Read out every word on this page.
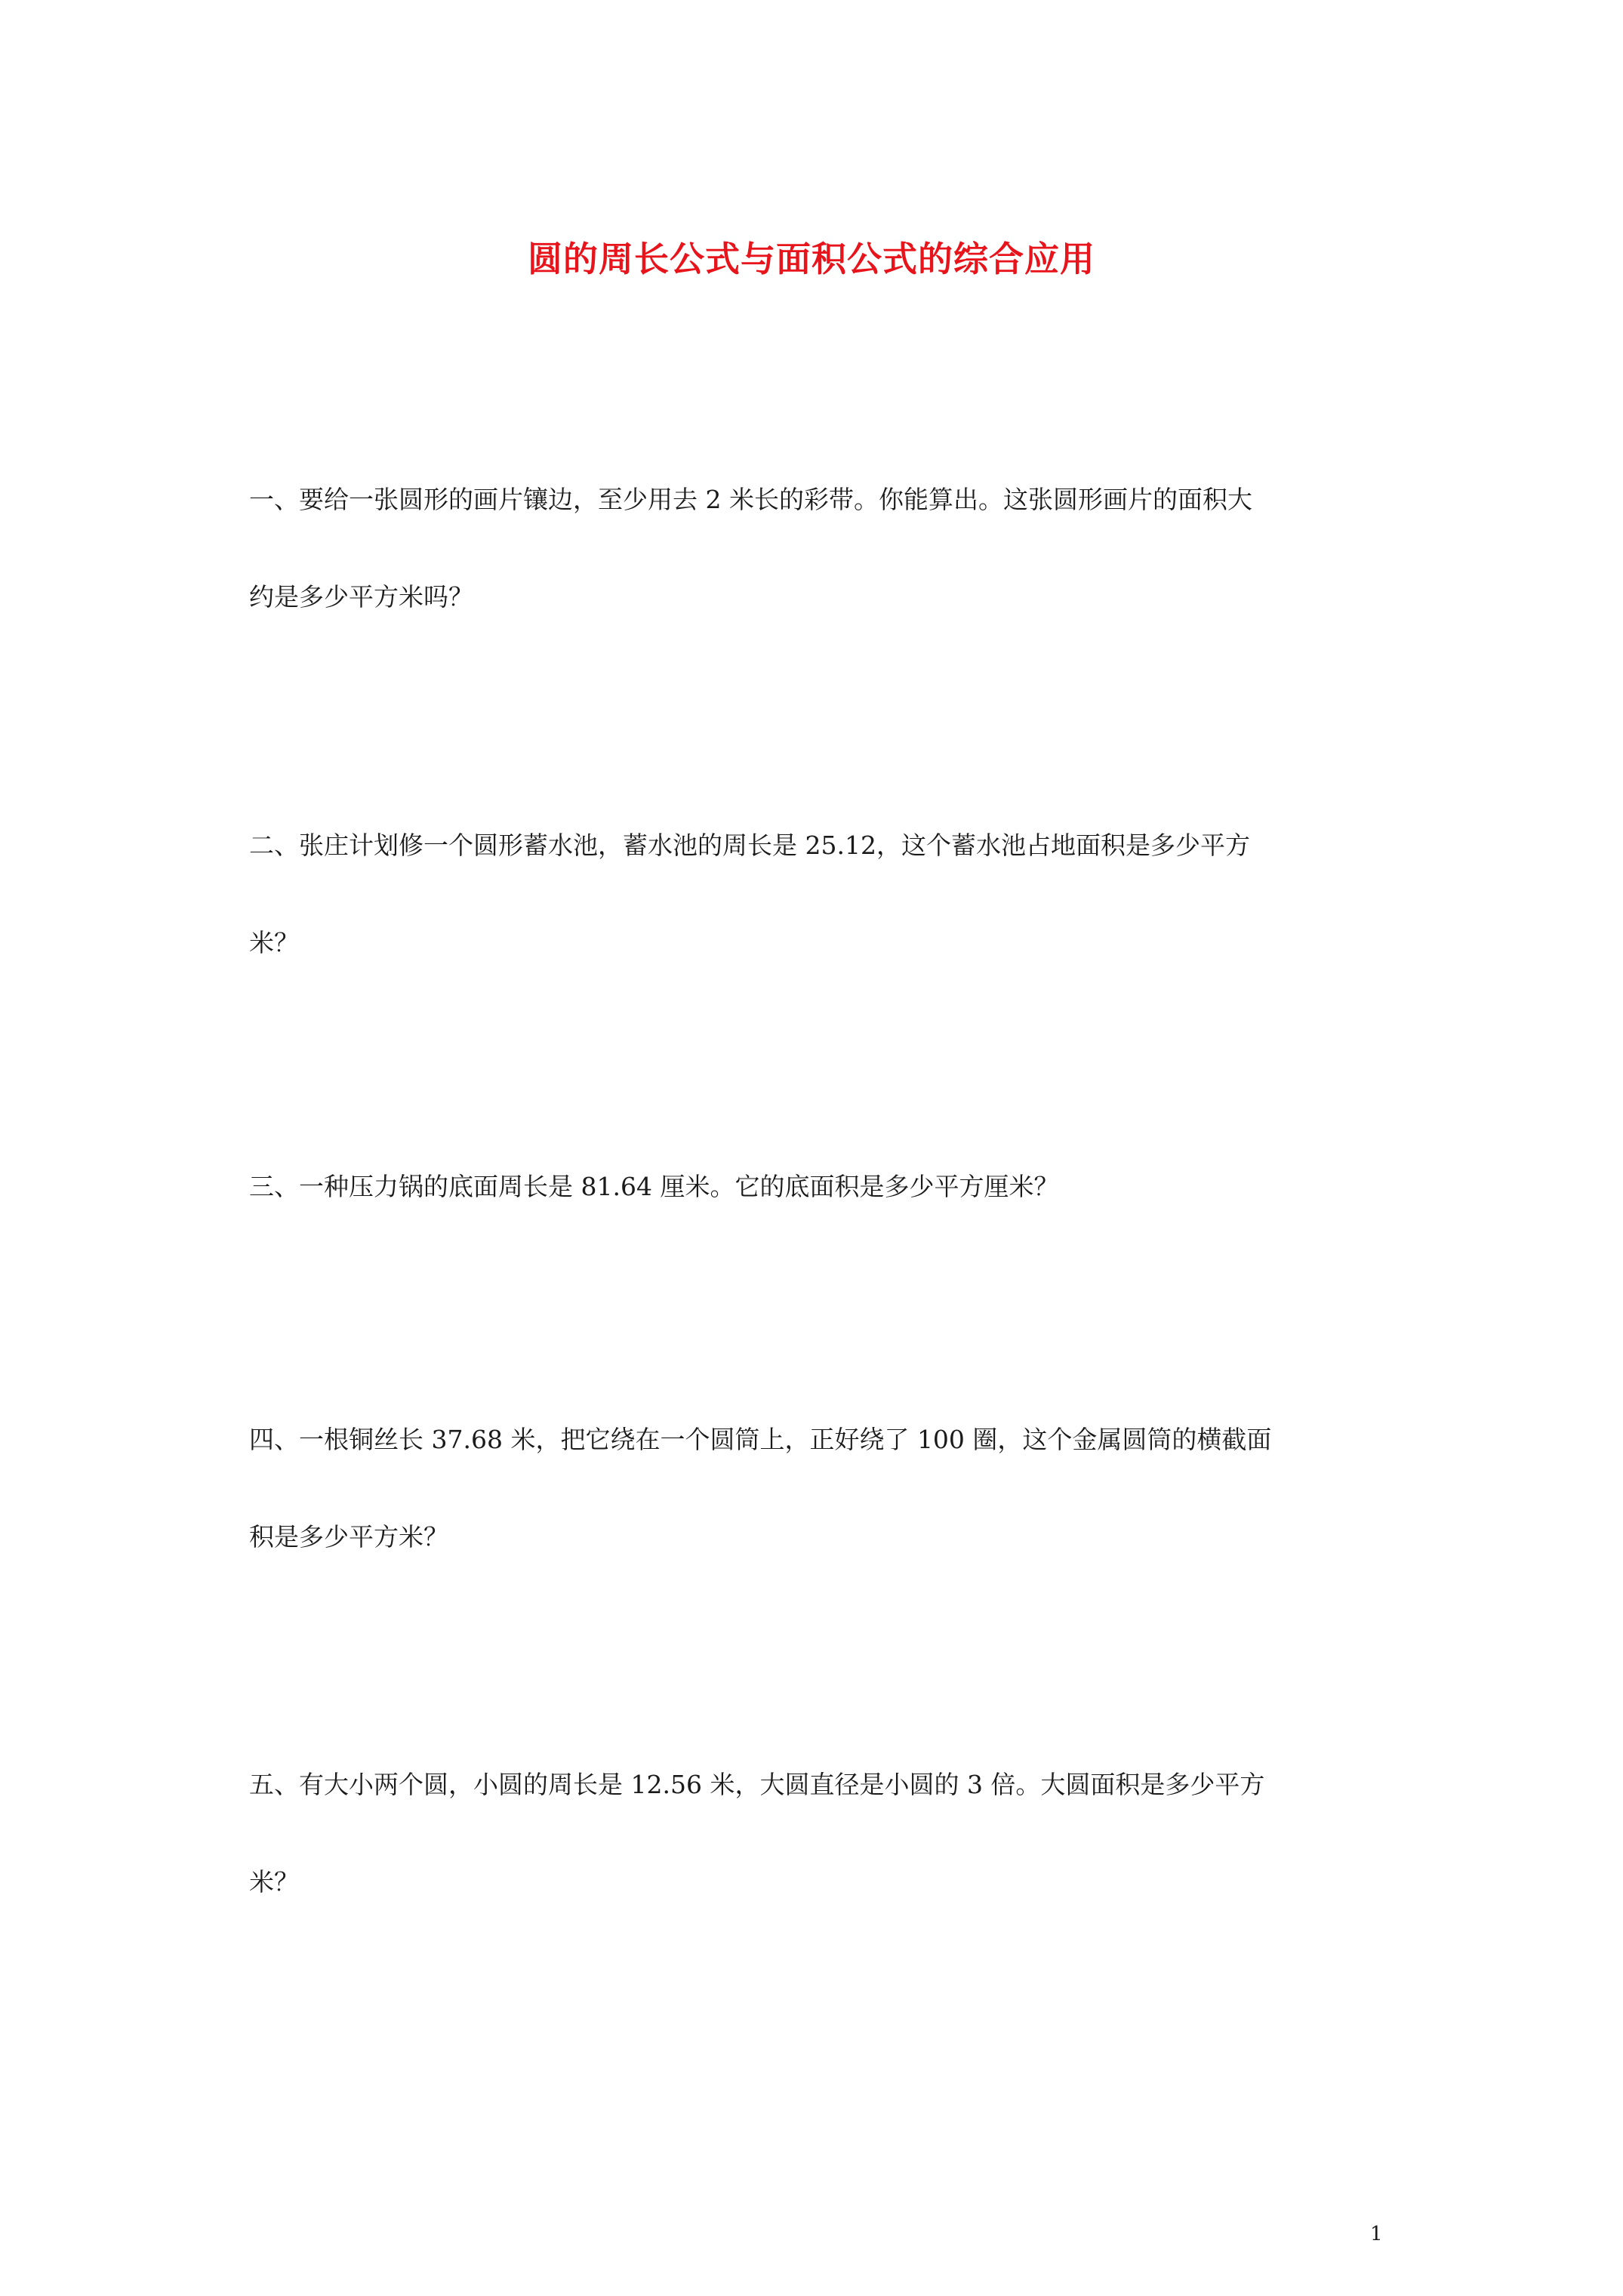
圆的周长公式与面积公式的综合应用

一、要给一张圆形的画片镶边，至少用去 2 米长的彩带。你能算出。这张圆形画片的面积大

约是多少平方米吗？

二、张庄计划修一个圆形蓄水池，蓄水池的周长是 25.12，这个蓄水池占地面积是多少平方

米？

三、一种压力锅的底面周长是 81.64 厘米。它的底面积是多少平方厘米？

四、一根铜丝长 37.68 米，把它绕在一个圆筒上，正好绕了 100 圈，这个金属圆筒的横截面

积是多少平方米？

五、有大小两个圆，小圆的周长是 12.56 米，大圆直径是小圆的 3 倍。大圆面积是多少平方

米？

1
